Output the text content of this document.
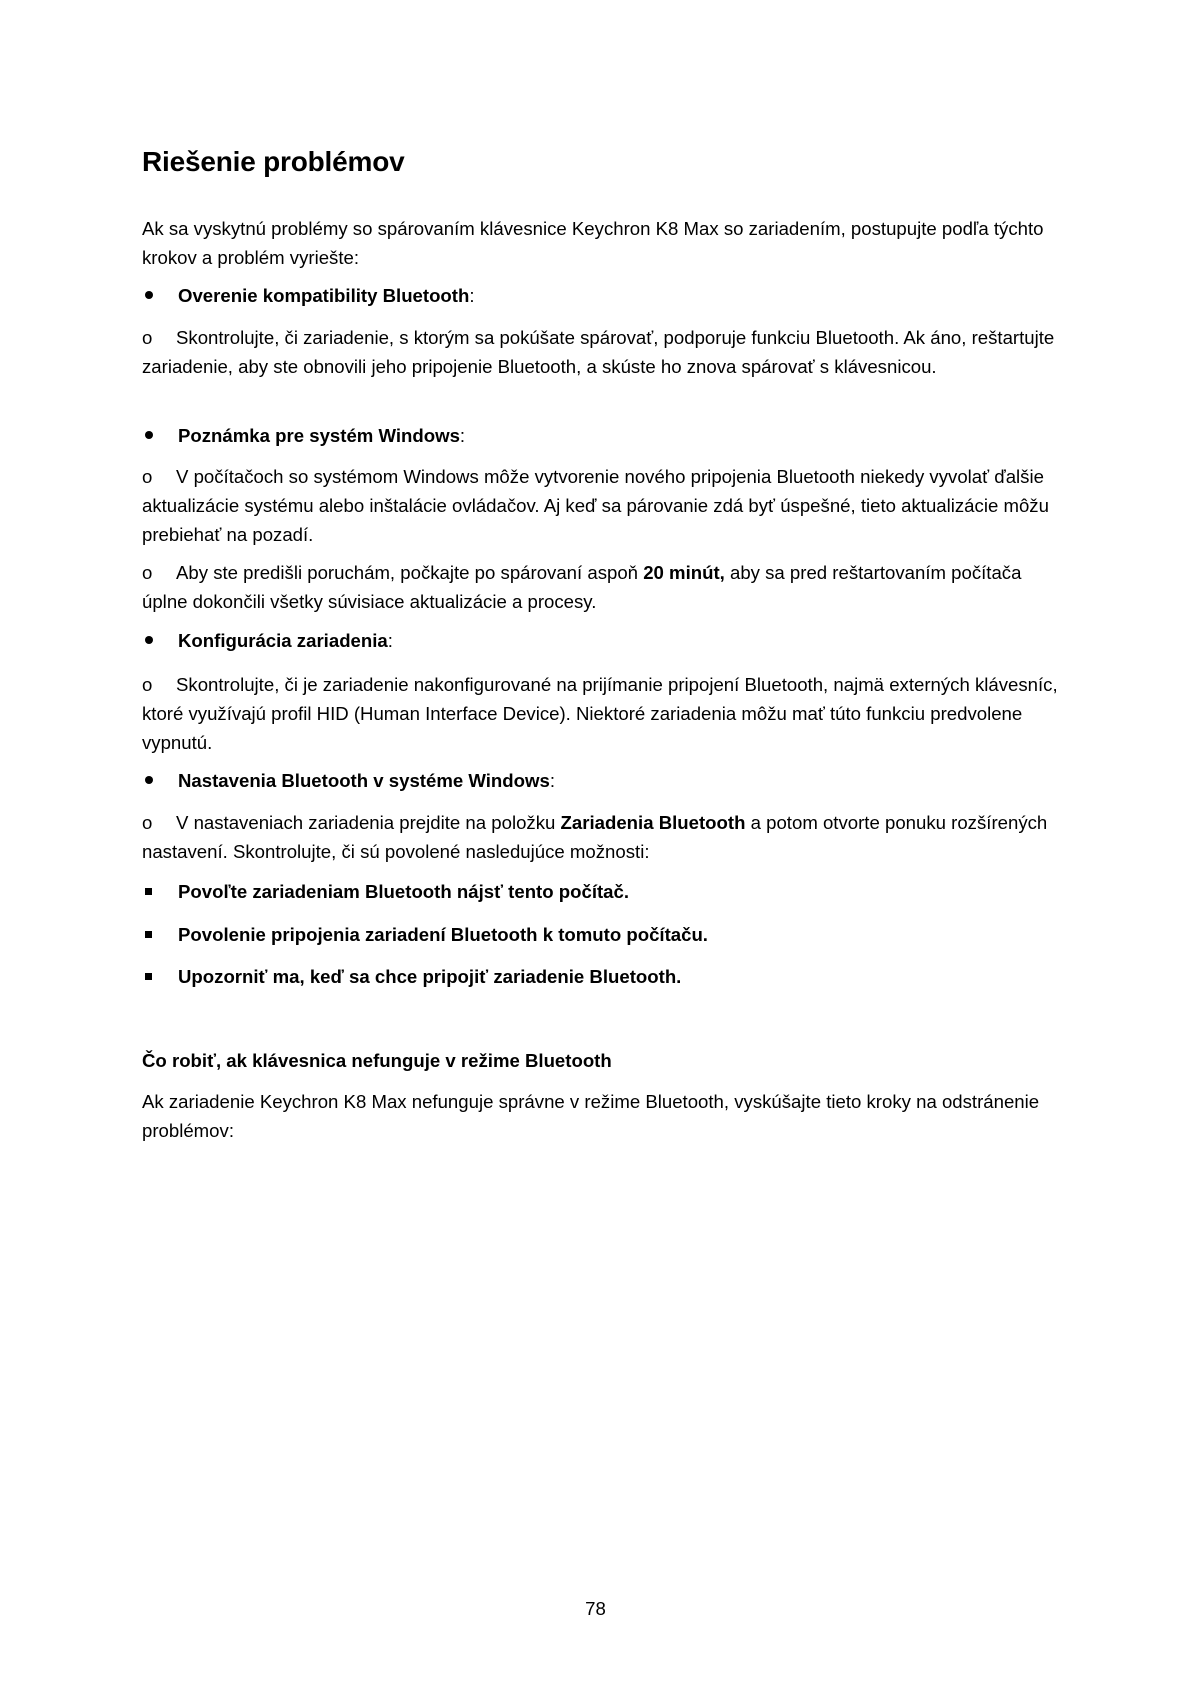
Riešenie problémov

Ak sa vyskytnú problémy so spárovaním klávesnice Keychron K8 Max so zariadením, postupujte podľa týchto krokov a problém vyriešte:

Overenie kompatibility Bluetooth:

o Skontrolujte, či zariadenie, s ktorým sa pokúšate spárovať, podporuje funkciu Bluetooth. Ak áno, reštartujte zariadenie, aby ste obnovili jeho pripojenie Bluetooth, a skúste ho znova spárovať s klávesnicou.

Poznámka pre systém Windows:

o V počítačoch so systémom Windows môže vytvorenie nového pripojenia Bluetooth niekedy vyvolať ďalšie aktualizácie systému alebo inštalácie ovládačov. Aj keď sa párovanie zdá byť úspešné, tieto aktualizácie môžu prebiehať na pozadí.

o Aby ste predišli poruchám, počkajte po spárovaní aspoň 20 minút, aby sa pred reštartovaním počítača úplne dokončili všetky súvisiace aktualizácie a procesy.

Konfigurácia zariadenia:

o Skontrolujte, či je zariadenie nakonfigurované na prijímanie pripojení Bluetooth, najmä externých klávesníc, ktoré využívajú profil HID (Human Interface Device). Niektoré zariadenia môžu mať túto funkciu predvolene vypnutú.

Nastavenia Bluetooth v systéme Windows:

o V nastaveniach zariadenia prejdite na položku Zariadenia Bluetooth a potom otvorte ponuku rozšírených nastavení. Skontrolujte, či sú povolené nasledujúce možnosti:

Povoľte zariadeniam Bluetooth nájsť tento počítač.
Povolenie pripojenia zariadení Bluetooth k tomuto počítaču.
Upozorniť ma, keď sa chce pripojiť zariadenie Bluetooth.
Čo robiť, ak klávesnica nefunguje v režime Bluetooth

Ak zariadenie Keychron K8 Max nefunguje správne v režime Bluetooth, vyskúšajte tieto kroky na odstránenie problémov:

78
